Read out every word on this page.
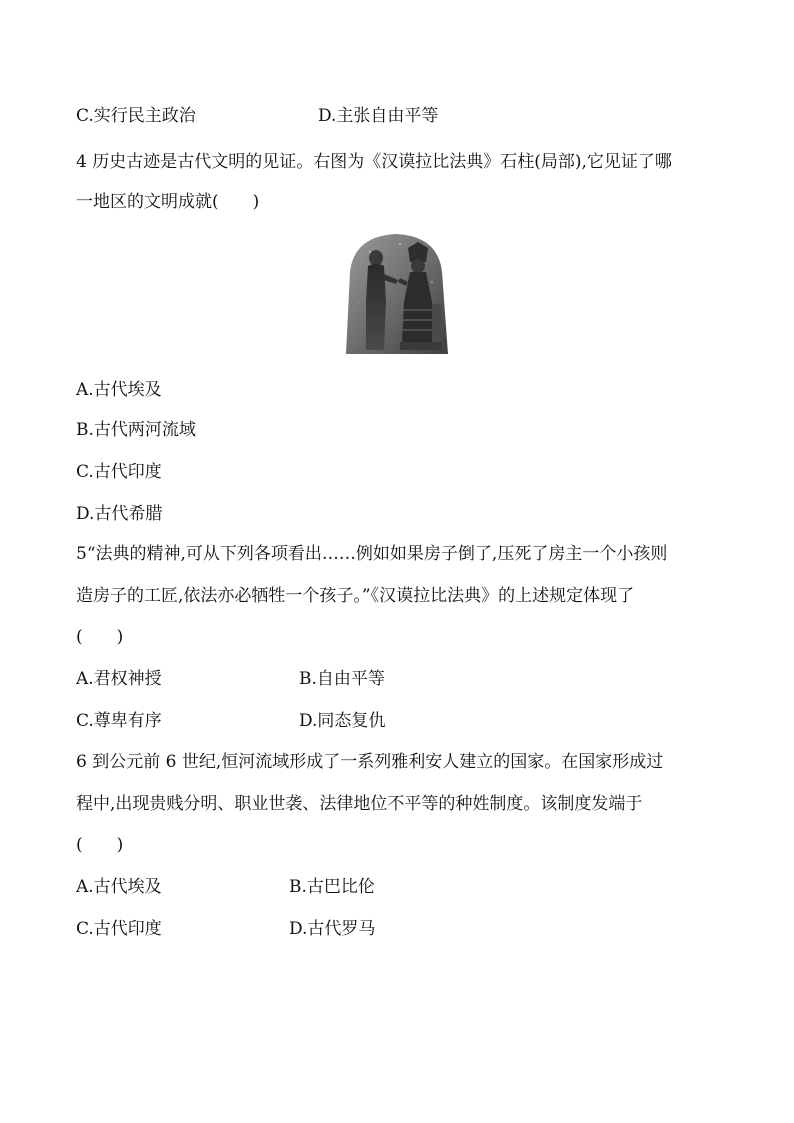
C.实行民主政治	D.主张自由平等
4 历史古迹是古代文明的见证。右图为《汉谟拉比法典》石柱(局部),它见证了哪
一地区的文明成就(　　)
A.古代埃及
B.古代两河流域
C.古代印度
D.古代希腊
5“法典的精神,可从下列各项看出……例如如果房子倒了,压死了房主一个小孩则
造房子的工匠,依法亦必牺牲一个孩子。”《汉谟拉比法典》的上述规定体现了
(　　)
A.君权神授	B.自由平等
C.尊卑有序	D.同态复仇
6 到公元前 6 世纪,恒河流域形成了一系列雅利安人建立的国家。在国家形成过
程中,出现贵贱分明、职业世袭、法律地位不平等的种姓制度。该制度发端于
(　　)
A.古代埃及	B.古巴比伦
C.古代印度	D.古代罗马
